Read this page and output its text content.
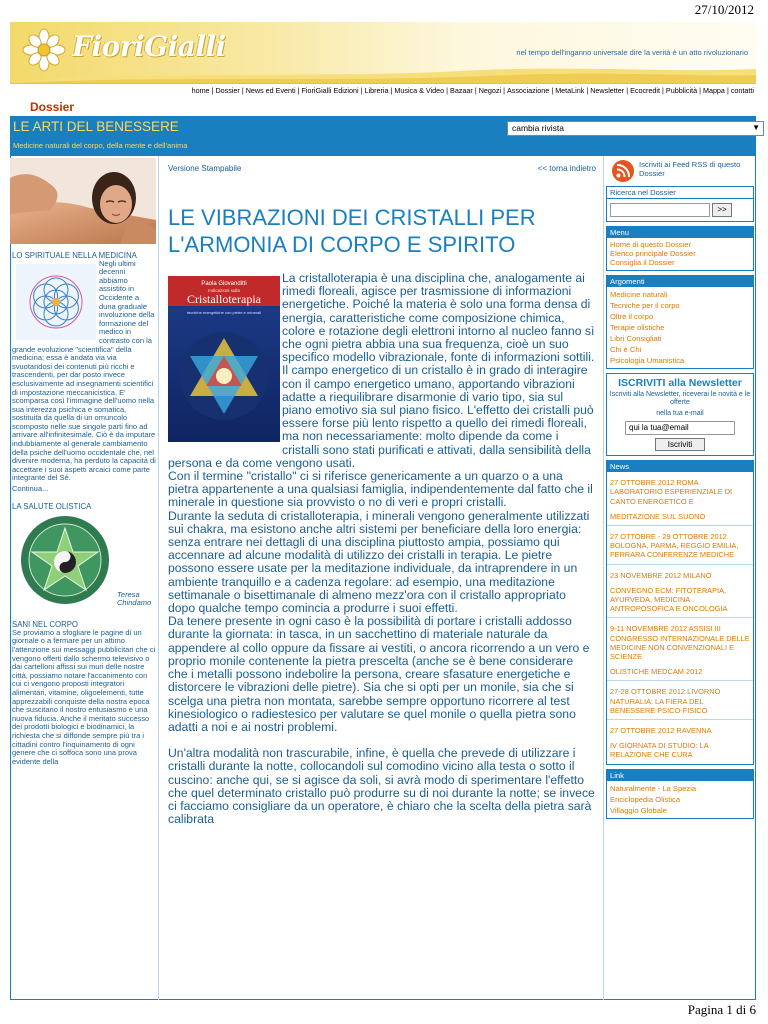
27/10/2012
FioriGialli	nel tempo dell'inganno universale dire la verità è un atto rivoluzionario
home | Dossier | News ed Eventi | FioriGialli Edizioni | Libreria | Musica & Video | Bazaar | Negozi | Associazione | MetaLink | Newsletter | Ecocredit | Pubblicità | Mappa | contatti
Dossier
LE ARTI DEL BENESSERE
Medicine naturali del corpo, della mente e dell'anima
cambia rivista	▼
LO SPIRITUALE NELLA MEDICINA
Negli ultimi decenni abbiamo assistito in Occidente a duna graduale involuzione della formazione del medico in contrasto con la grande evoluzione "scientifica" della medicina; essa è andata via via svuotandosi dei contenuti più ricchi e trascendenti, per dar posto invece esclusivamente ad insegnamenti scientifici di impostazione meccanicistica. E' scomparsa così l'immagine dell'uomo nella sua interezza psichica e somatica, sostituita da quella di un omuncolo scomposto nelle sue singole parti fino ad arrivare all'infinitesimale. Ciò è da imputare indubbiamente al generale cambiamento della psiche dell'uomo occidentale che, nel divenire moderna, ha perduto la capacità di accettare i suoi aspetti arcaici come parte integrante del Sé.
Continua...
LA SALUTE OLISTICA
Teresa Chindamo
SANI NEL CORPO
Se proviamo a sfogliare le pagine di un giornale o a fermare per un attimo l'attenzione sui messaggi pubblicitari che ci vengono offerti dallo schermo televisivo o dai cartelloni affissi sui muri delle nostre città, possiamo notare l'accanimento con cui ci vengono proposti integratori alimentari, vitamine, oligoelementi, tutte apprezzabili conquiste della nostra epoca che suscitano il nostro entusiasmo e una nuova fiducia. Anche il meritato successo dei prodotti biologici e biodinamici, la richiesta che si diffonde sempre più tra i cittadini contro l'inquinamento di ogni genere che ci soffoca sono una prova evidente della
Versione Stampabile	<< torna indietro
LE VIBRAZIONI DEI CRISTALLI PER L'ARMONIA DI CORPO E SPIRITO
Paola Giovanditti
Indicazioni sulla
Cristalloterapia
tecniche energetiche con pietre e minerali

La cristalloterapia è una disciplina che, analogamente ai rimedi floreali, agisce per trasmissione di informazioni energetiche. Poiché la materia è solo una forma densa di energia, caratteristiche come composizione chimica, colore e rotazione degli elettroni intorno al nucleo fanno sì che ogni pietra abbia una sua frequenza, cioè un suo specifico modello vibrazionale, fonte di informazioni sottili. Il campo energetico di un cristallo è in grado di interagire con il campo energetico umano, apportando vibrazioni adatte a riequilibrare disarmonie di vario tipo, sia sul piano emotivo sia sul piano fisico. L'effetto dei cristalli può essere forse più lento rispetto a quello dei rimedi floreali, ma non necessariamente: molto dipende da come i cristalli sono stati purificati e attivati, dalla sensibilità della persona e da come vengono usati.

Con il termine "cristallo" ci si riferisce genericamente a un quarzo o a una pietra appartenente a una qualsiasi famiglia, indipendentemente dal fatto che il minerale in questione sia provvisto o no di veri e propri cristalli.

Durante la seduta di cristalloterapia, i minerali vengono generalmente utilizzati sui chakra, ma esistono anche altri sistemi per beneficiare della loro energia: senza entrare nei dettagli di una disciplina piuttosto ampia, possiamo qui accennare ad alcune modalità di utilizzo dei cristalli in terapia. Le pietre possono essere usate per la meditazione individuale, da intraprendere in un ambiente tranquillo e a cadenza regolare: ad esempio, una meditazione settimanale o bisettimanale di almeno mezz'ora con il cristallo appropriato dopo qualche tempo comincia a produrre i suoi effetti.

Da tenere presente in ogni caso è la possibilità di portare i cristalli addosso durante la giornata: in tasca, in un sacchettino di materiale naturale da appendere al collo oppure da fissare ai vestiti, o ancora ricorrendo a un vero e proprio monile contenente la pietra prescelta (anche se è bene considerare che i metalli possono indebolire la persona, creare sfasature energetiche e distorcere le vibrazioni delle pietre). Sia che si opti per un monile, sia che si scelga una pietra non montata, sarebbe sempre opportuno ricorrere al test kinesiologico o radiestesico per valutare se quel monile o quella pietra sono adatti a noi e ai nostri problemi.

Un'altra modalità non trascurabile, infine, è quella che prevede di utilizzare i cristalli durante la notte, collocandoli sul comodino vicino alla testa o sotto il cuscino: anche qui, se si agisce da soli, si avrà modo di sperimentare l'effetto che quel determinato cristallo può produrre su di noi durante la notte; se invece ci facciamo consigliare da un operatore, è chiaro che la scelta della pietra sarà calibrata

Iscriviti ai Feed RSS di questo Dossier
Ricerca nel Dossier
>>
Menu
Home di questo Dossier
Elenco principale Dossier
Consiglia il Dossier
Argomenti
Medicine naturali
Tecniche per il corpo
Oltre il corpo
Terapie olistiche
Libri Consigliati
Chi è Chi
Psicologia Umanistica
ISCRIVITI alla Newsletter
Iscriviti alla Newsletter, riceverai le novità e le offerte
nella tua e-mail
qui la tua@email
Iscriviti
News
27 OTTOBRE 2012 ROMA LABORATORIO ESPERIENZIALE DI CANTO ENERGETICO E
MEDITAZIONE SUL SUONO
27 OTTOBRE - 29 OTTOBRE 2012 BOLOGNA, PARMA, REGGIO EMILIA, FERRARA CONFERENZE MEDICHE
23 NOVEMBRE 2012 MILANO
CONVEGNO ECM: FITOTERAPIA, AYURVEDA, MEDICINA ANTROPOSOFICA E ONCOLOGIA
9-11 NOVEMBRE 2012 ASSISI III CONGRESSO INTERNAZIONALE DELLE MEDICINE NON CONVENZIONALI E SCIENZE
OLISTICHE MEDCAM 2012
27-28 OTTOBRE 2012 LIVORNO NATURALIA: LA FIERA DEL BENESSERE PSICO-FISICO
27 OTTOBRE 2012 RAVENNA
IV GIORNATA DI STUDIO: LA RELAZIONE CHE CURA
Link
Naturalmente - La Spezia
Enciclopedia Olistica
Villaggio Globale
Pagina 1 di 6
